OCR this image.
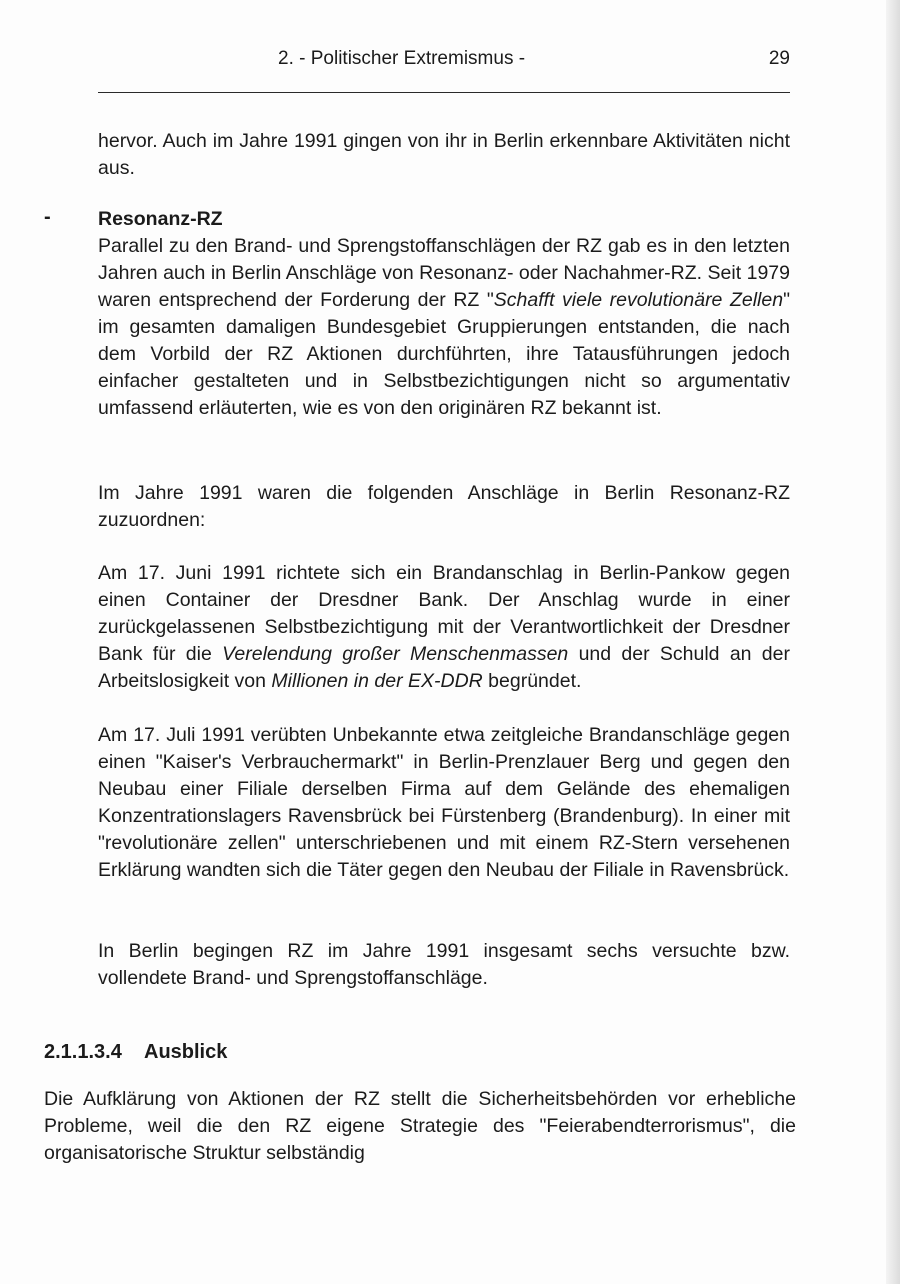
2. - Politischer Extremismus -	29
hervor. Auch im Jahre 1991 gingen von ihr in Berlin erkennbare Aktivitäten nicht aus.
- Resonanz-RZ
Parallel zu den Brand- und Sprengstoffanschlägen der RZ gab es in den letzten Jahren auch in Berlin Anschläge von Resonanz- oder Nachahmer-RZ. Seit 1979 waren entsprechend der Forderung der RZ "Schafft viele revolutionäre Zellen" im gesamten damaligen Bundesgebiet Gruppierungen entstanden, die nach dem Vorbild der RZ Aktionen durchführten, ihre Tatausführungen jedoch einfacher gestalteten und in Selbstbezichtigungen nicht so argumentativ umfassend erläuterten, wie es von den originären RZ bekannt ist.
Im Jahre 1991 waren die folgenden Anschläge in Berlin Resonanz-RZ zuzuordnen:
Am 17. Juni 1991 richtete sich ein Brandanschlag in Berlin-Pankow gegen einen Container der Dresdner Bank. Der Anschlag wurde in einer zurückgelassenen Selbstbezichtigung mit der Verantwortlichkeit der Dresdner Bank für die Verelendung großer Menschenmassen und der Schuld an der Arbeitslosigkeit von Millionen in der EX-DDR begründet.
Am 17. Juli 1991 verübten Unbekannte etwa zeitgleiche Brandanschläge gegen einen "Kaiser's Verbrauchermarkt" in Berlin-Prenzlauer Berg und gegen den Neubau einer Filiale derselben Firma auf dem Gelände des ehemaligen Konzentrationslagers Ravensbrück bei Fürstenberg (Brandenburg). In einer mit "revolutionäre zellen" unterschriebenen und mit einem RZ-Stern versehenen Erklärung wandten sich die Täter gegen den Neubau der Filiale in Ravensbrück.
In Berlin begingen RZ im Jahre 1991 insgesamt sechs versuchte bzw. vollendete Brand- und Sprengstoffanschläge.
2.1.1.3.4 Ausblick
Die Aufklärung von Aktionen der RZ stellt die Sicherheitsbehörden vor erhebliche Probleme, weil die den RZ eigene Strategie des "Feierabendterrorismus", die organisatorische Struktur selbständig
